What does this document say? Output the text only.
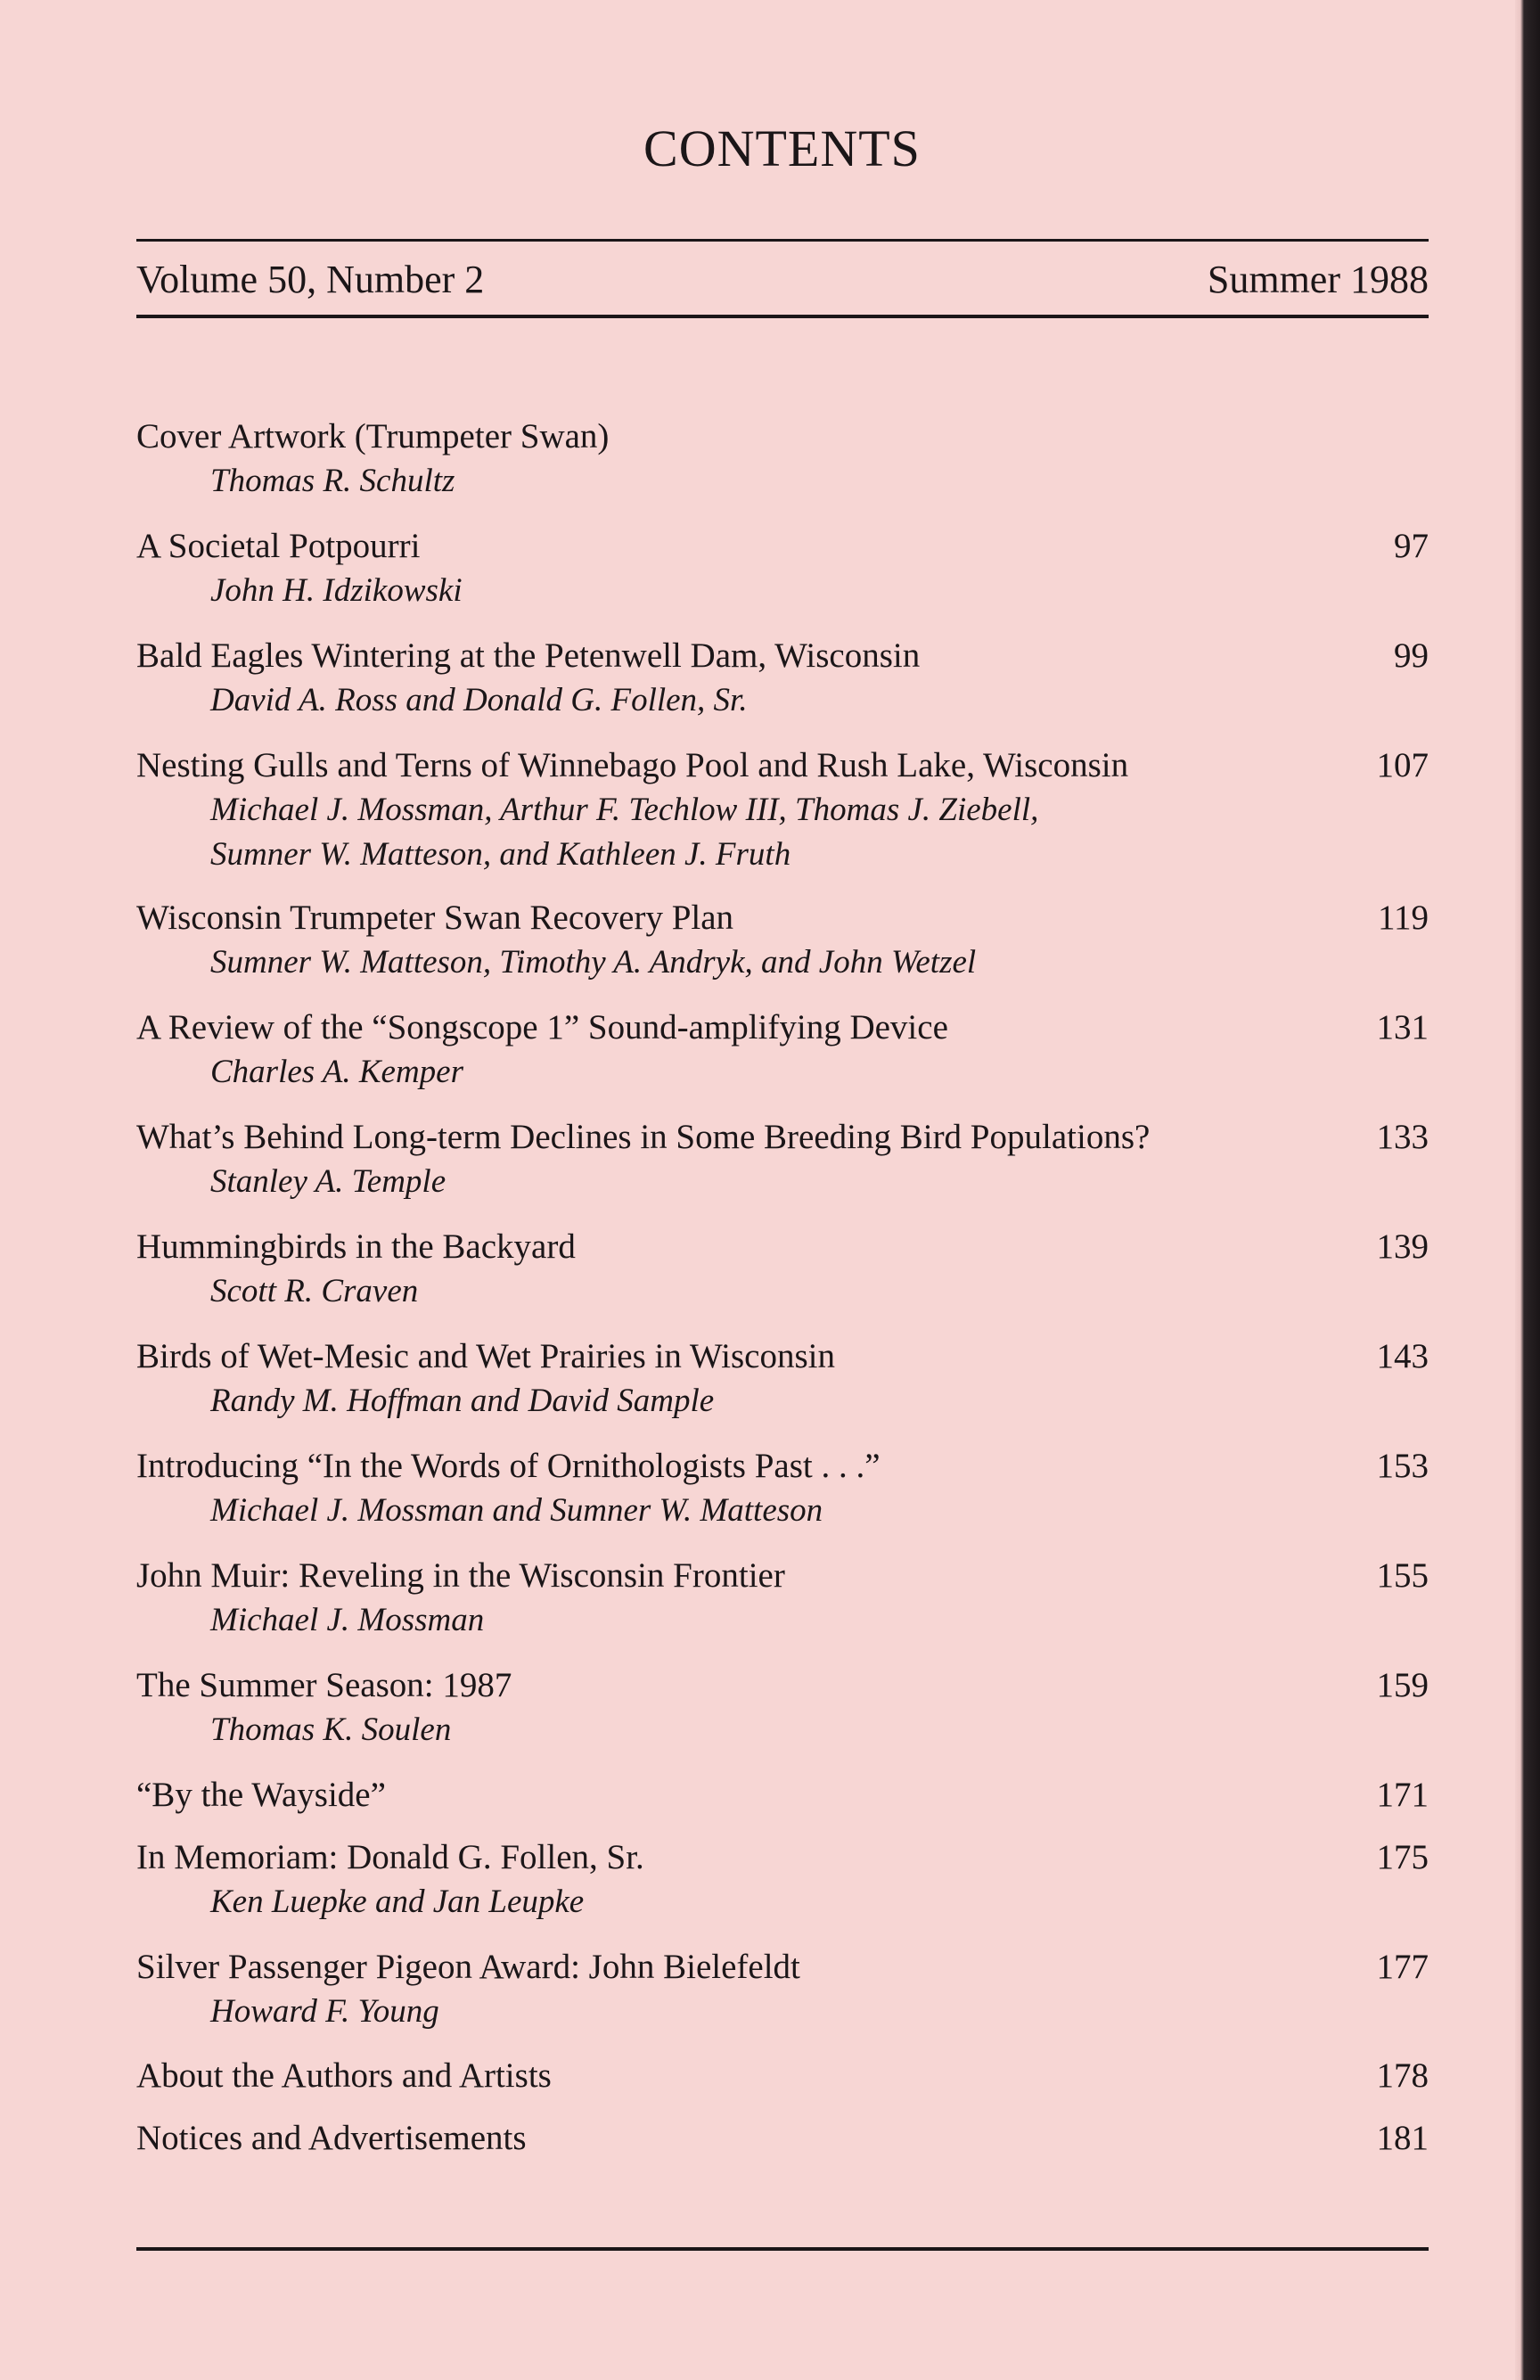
CONTENTS
Volume 50, Number 2	Summer 1988
Cover Artwork (Trumpeter Swan)
Thomas R. Schultz
A Societal Potpourri	97
John H. Idzikowski
Bald Eagles Wintering at the Petenwell Dam, Wisconsin	99
David A. Ross and Donald G. Follen, Sr.
Nesting Gulls and Terns of Winnebago Pool and Rush Lake, Wisconsin	107
Michael J. Mossman, Arthur F. Techlow III, Thomas J. Ziebell,
Sumner W. Matteson, and Kathleen J. Fruth
Wisconsin Trumpeter Swan Recovery Plan	119
Sumner W. Matteson, Timothy A. Andryk, and John Wetzel
A Review of the “Songscope 1” Sound-amplifying Device	131
Charles A. Kemper
What’s Behind Long-term Declines in Some Breeding Bird Populations?	133
Stanley A. Temple
Hummingbirds in the Backyard	139
Scott R. Craven
Birds of Wet-Mesic and Wet Prairies in Wisconsin	143
Randy M. Hoffman and David Sample
Introducing “In the Words of Ornithologists Past . . .”	153
Michael J. Mossman and Sumner W. Matteson
John Muir: Reveling in the Wisconsin Frontier	155
Michael J. Mossman
The Summer Season: 1987	159
Thomas K. Soulen
“By the Wayside”	171
In Memoriam: Donald G. Follen, Sr.	175
Ken Luepke and Jan Leupke
Silver Passenger Pigeon Award: John Bielefeldt	177
Howard F. Young
About the Authors and Artists	178
Notices and Advertisements	181
